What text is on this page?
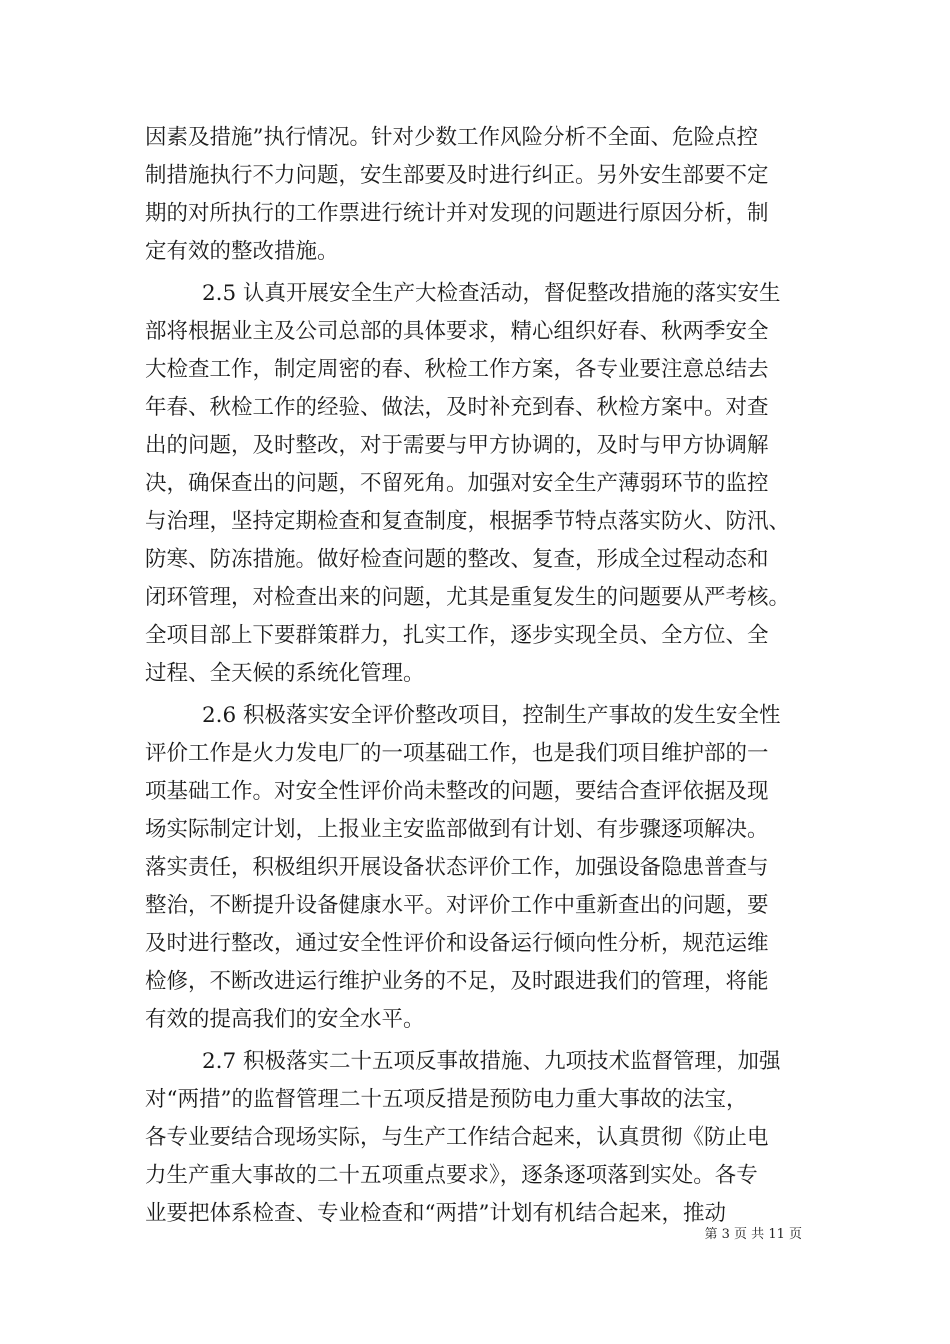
因素及措施”执行情况。针对少数工作风险分析不全面、危险点控
制措施执行不力问题，安生部要及时进行纠正。另外安生部要不定
期的对所执行的工作票进行统计并对发现的问题进行原因分析，制
定有效的整改措施。
2.5 认真开展安全生产大检查活动，督促整改措施的落实安生
部将根据业主及公司总部的具体要求，精心组织好春、秋两季安全
大检查工作，制定周密的春、秋检工作方案，各专业要注意总结去
年春、秋检工作的经验、做法，及时补充到春、秋检方案中。对查
出的问题，及时整改，对于需要与甲方协调的，及时与甲方协调解
决，确保查出的问题，不留死角。加强对安全生产薄弱环节的监控
与治理，坚持定期检查和复查制度，根据季节特点落实防火、防汛、
防寒、防冻措施。做好检查问题的整改、复查，形成全过程动态和
闭环管理，对检查出来的问题，尤其是重复发生的问题要从严考核。
全项目部上下要群策群力，扎实工作，逐步实现全员、全方位、全
过程、全天候的系统化管理。
2.6 积极落实安全评价整改项目，控制生产事故的发生安全性
评价工作是火力发电厂的一项基础工作，也是我们项目维护部的一
项基础工作。对安全性评价尚未整改的问题，要结合查评依据及现
场实际制定计划，上报业主安监部做到有计划、有步骤逐项解决。
落实责任，积极组织开展设备状态评价工作，加强设备隐患普查与
整治，不断提升设备健康水平。对评价工作中重新查出的问题，要
及时进行整改，通过安全性评价和设备运行倾向性分析，规范运维
检修，不断改进运行维护业务的不足，及时跟进我们的管理，将能
有效的提高我们的安全水平。
2.7 积极落实二十五项反事故措施、九项技术监督管理，加强
对“两措”的监督管理二十五项反措是预防电力重大事故的法宝，
各专业要结合现场实际，与生产工作结合起来，认真贯彻《防止电
力生产重大事故的二十五项重点要求》，逐条逐项落到实处。各专
业要把体系检查、专业检查和“两措”计划有机结合起来，推动
第 3 页 共 11 页
